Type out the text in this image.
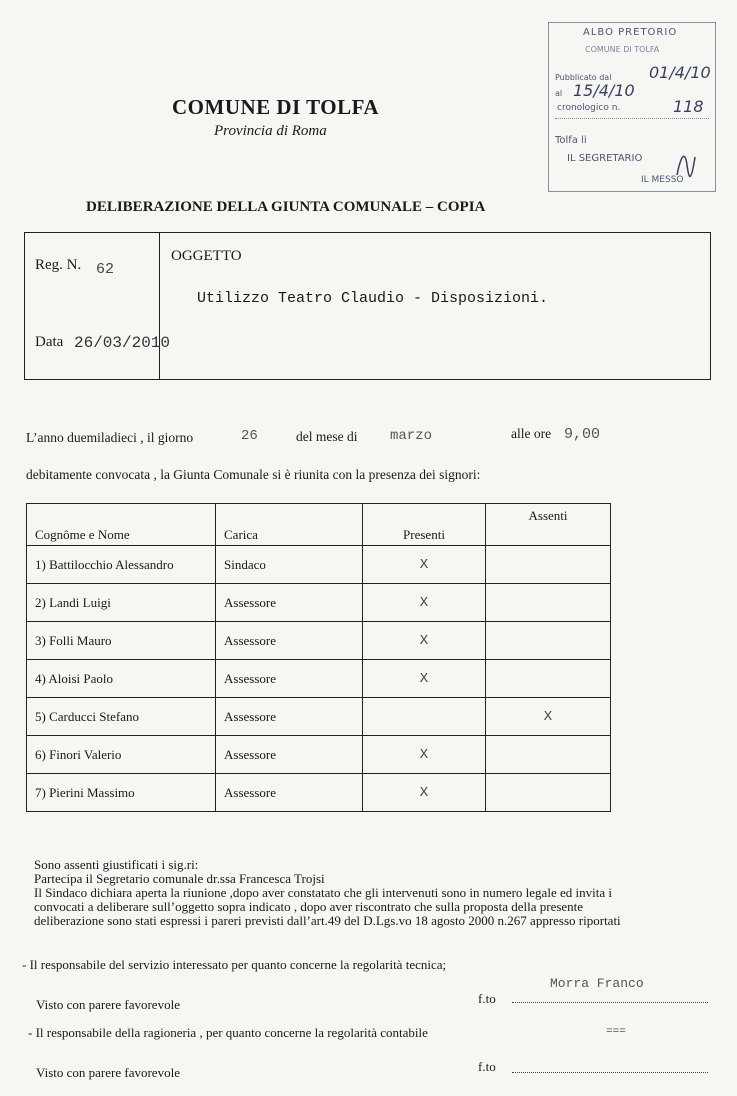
ALBO PRETORIO
COMUNE DI TOLFA
Pubblicato dal 01/4/10
al 15/4/10
cronologico n.	118
Tolfa li
IL SEGRETARIO
IL MESSO
COMUNE DI TOLFA
Provincia di Roma
DELIBERAZIONE DELLA GIUNTA COMUNALE – COPIA
Reg. N. 62
Data 26/03/2010
OGGETTO
Utilizzo Teatro Claudio - Disposizioni.
L’anno duemiladieci , il giorno	26	del mese di marzo	alle ore 9,00
debitamente convocata , la Giunta Comunale si è riunita con la presenza dei signori:
Cognôme e Nome	Carica	Presenti	Assenti
1) Battilocchio Alessandro	Sindaco	X	
2) Landi Luigi	Assessore	X	
3) Folli Mauro	Assessore	X	
4) Aloisi Paolo	Assessore	X	
5) Carducci Stefano	Assessore		X
6) Finori Valerio	Assessore	X	
7) Pierini Massimo	Assessore	X	
Sono assenti giustificati i sig.ri:
Partecipa il Segretario comunale dr.ssa Francesca Trojsi
Il Sindaco dichiara aperta la riunione ,dopo aver constatato che gli intervenuti sono in numero legale ed invita i
convocati a deliberare sull’oggetto sopra indicato , dopo aver riscontrato che sulla proposta della presente
deliberazione sono stati espressi i pareri previsti dall’art.49 del D.Lgs.vo 18 agosto 2000 n.267 appresso riportati
- Il responsabile del servizio interessato per quanto concerne la regolarità tecnica;
Visto con parere favorevole	f.to
Morra Franco
- Il responsabile della ragioneria , per quanto concerne la regolarità contabile	===
Visto con parere favorevole	f.to
